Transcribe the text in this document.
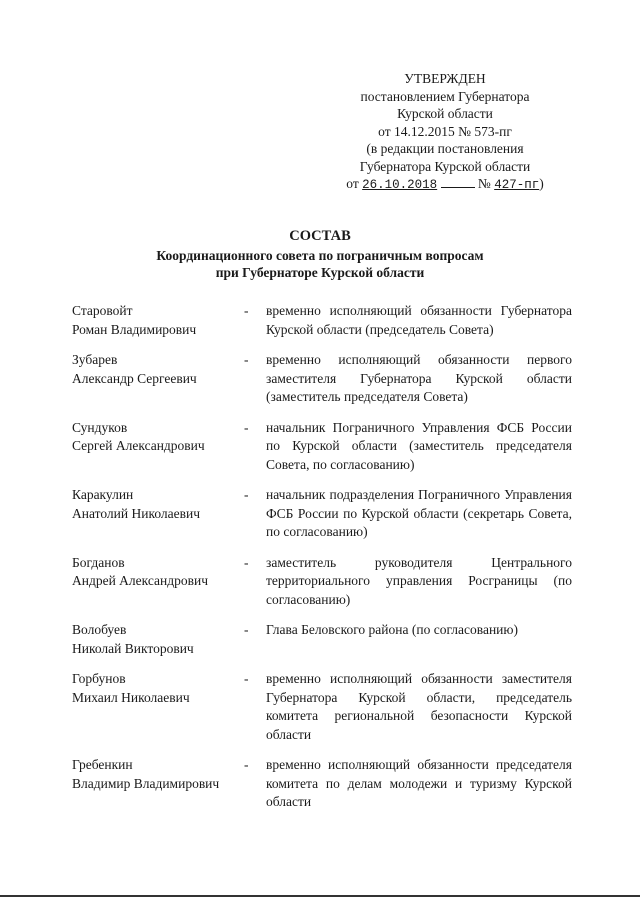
УТВЕРЖДЕН
постановлением Губернатора
Курской области
от 14.12.2015 № 573-пг
(в редакции постановления
Губернатора Курской области
от 26.10.2018	№ 427-пг)
СОСТАВ
Координационного совета по пограничным вопросам
при Губернаторе Курской области
Старовойт
Роман Владимирович
-	временно исполняющий обязанности Губернатора Курской области (председатель Совета)
Зубарев
Александр Сергеевич
-	временно исполняющий обязанности первого заместителя Губернатора Курской области (заместитель председателя Совета)
Сундуков
Сергей Александрович
-	начальник Пограничного Управления ФСБ России по Курской области (заместитель председателя Совета, по согласованию)
Каракулин
Анатолий Николаевич
-	начальник подразделения Пограничного Управления ФСБ России по Курской области (секретарь Совета, по согласованию)
Богданов
Андрей Александрович
-	заместитель руководителя Центрального территориального управления Росграницы (по согласованию)
Волобуев
Николай Викторович
-	Глава Беловского района (по согласованию)
Горбунов
Михаил Николаевич
-	временно исполняющий обязанности заместителя Губернатора Курской области, председатель комитета региональной безопасности Курской области
Гребенкин
Владимир Владимирович
-	временно исполняющий обязанности председателя комитета по делам молодежи и туризму Курской области
